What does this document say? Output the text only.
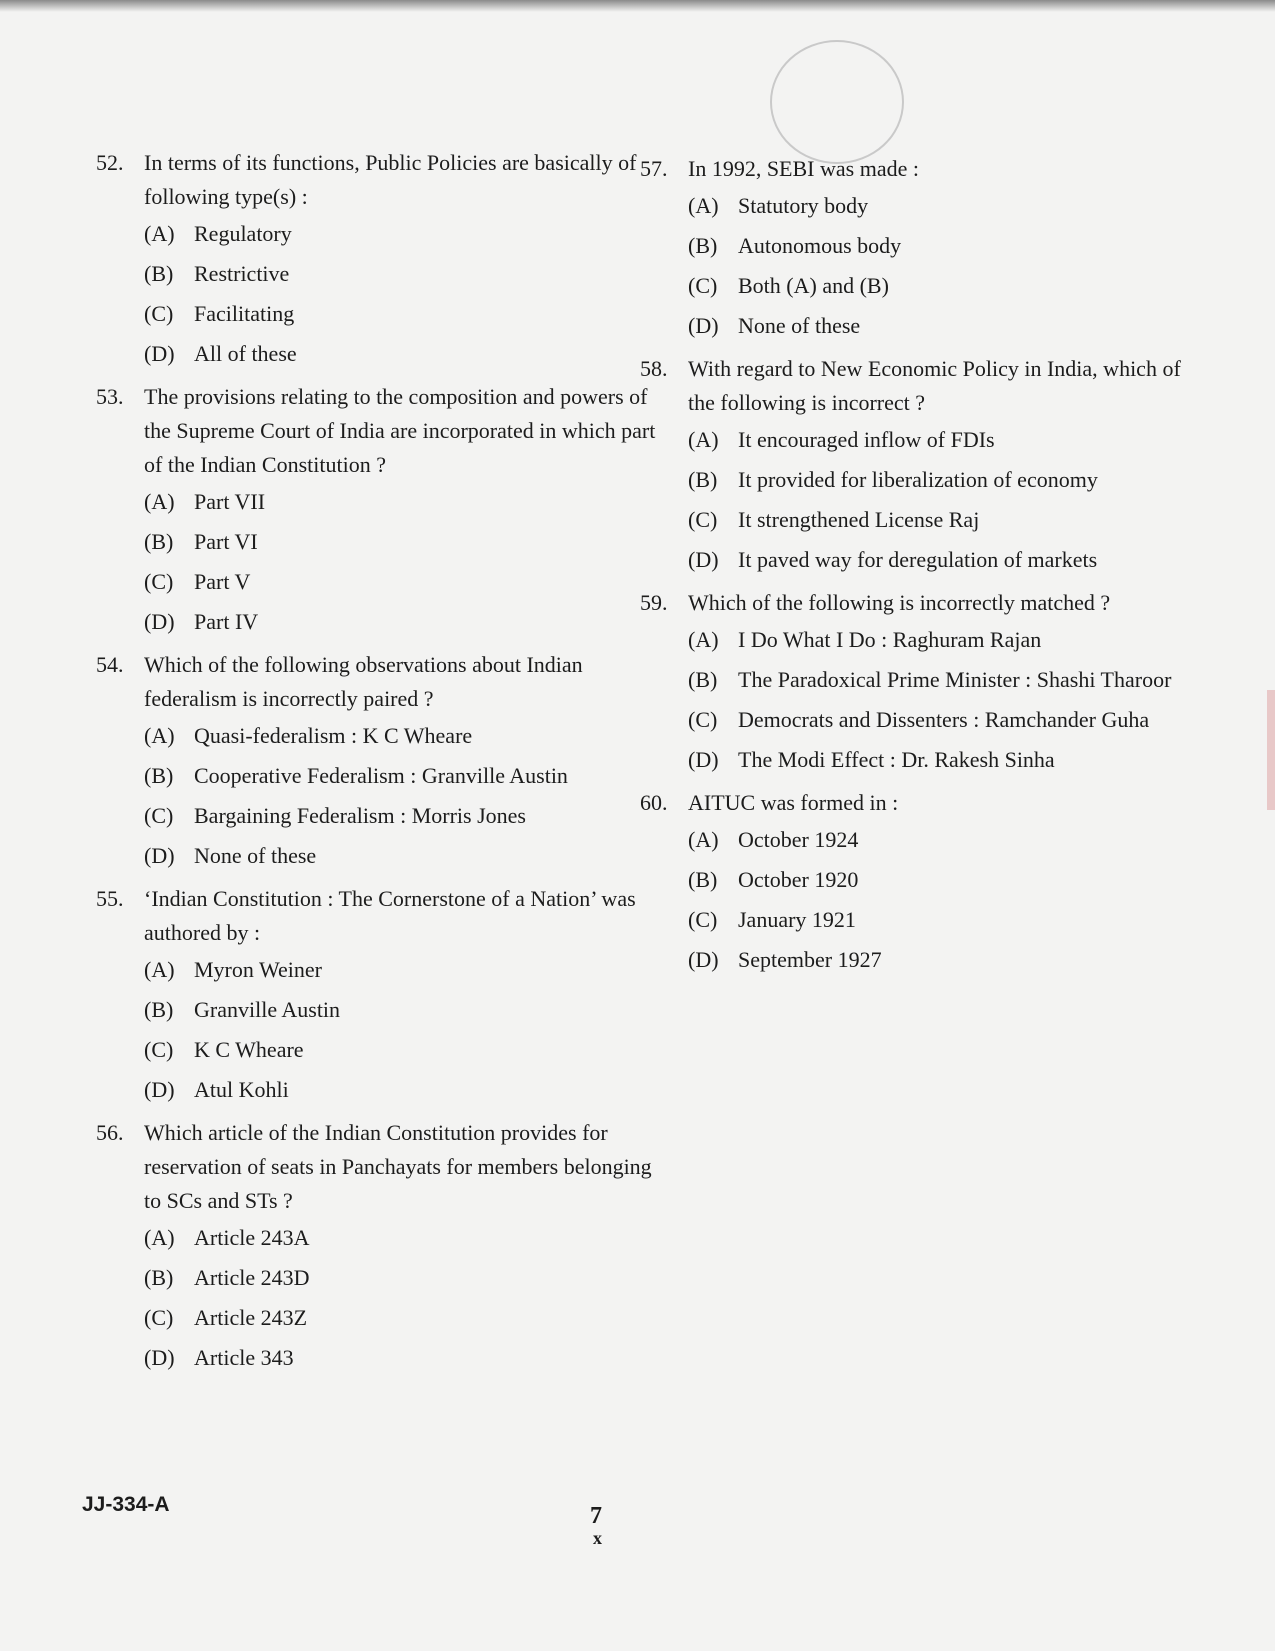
52. In terms of its functions, Public Policies are basically of following type(s) :
(A) Regulatory
(B) Restrictive
(C) Facilitating
(D) All of these
53. The provisions relating to the composition and powers of the Supreme Court of India are incorporated in which part of the Indian Constitution ?
(A) Part VII
(B) Part VI
(C) Part V
(D) Part IV
54. Which of the following observations about Indian federalism is incorrectly paired ?
(A) Quasi-federalism : K C Wheare
(B) Cooperative Federalism : Granville Austin
(C) Bargaining Federalism : Morris Jones
(D) None of these
55. ‘Indian Constitution : The Cornerstone of a Nation’ was authored by :
(A) Myron Weiner
(B) Granville Austin
(C) K C Wheare
(D) Atul Kohli
56. Which article of the Indian Constitution provides for reservation of seats in Panchayats for members belonging to SCs and STs ?
(A) Article 243A
(B) Article 243D
(C) Article 243Z
(D) Article 343
57. In 1992, SEBI was made :
(A) Statutory body
(B) Autonomous body
(C) Both (A) and (B)
(D) None of these
58. With regard to New Economic Policy in India, which of the following is incorrect ?
(A) It encouraged inflow of FDIs
(B) It provided for liberalization of economy
(C) It strengthened License Raj
(D) It paved way for deregulation of markets
59. Which of the following is incorrectly matched ?
(A) I Do What I Do : Raghuram Rajan
(B) The Paradoxical Prime Minister : Shashi Tharoor
(C) Democrats and Dissenters : Ramchander Guha
(D) The Modi Effect : Dr. Rakesh Sinha
60. AITUC was formed in :
(A) October 1924
(B) October 1920
(C) January 1921
(D) September 1927
JJ-334-A	7
x
